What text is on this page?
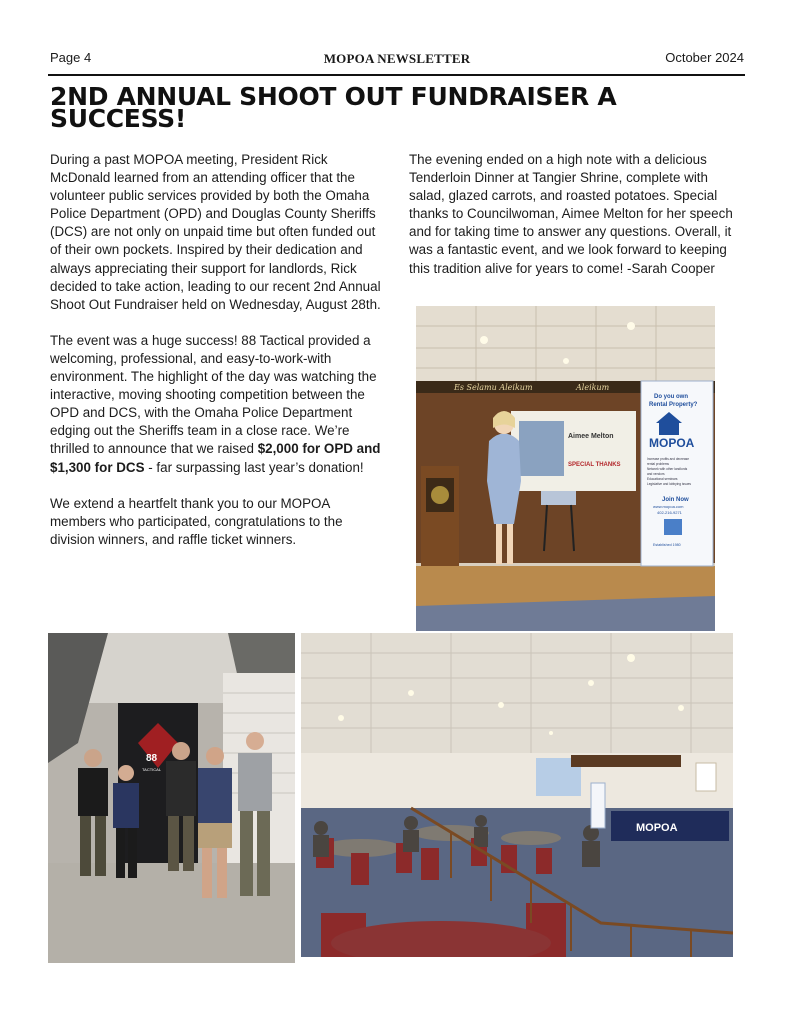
Page 4	MOPOA NEWSLETTER	October 2024
2ND ANNUAL SHOOT OUT FUNDRAISER A SUCCESS!

During a past MOPOA meeting, President Rick McDonald learned from an attending officer that the volunteer public services provided by both the Omaha Police Department (OPD) and Douglas County Sheriffs (DCS) are not only on unpaid time but often funded out of their own pockets. Inspired by their dedication and always appreciating their support for landlords, Rick decided to take action, leading to our recent 2nd Annual Shoot Out Fundraiser held on Wednesday, August 28th.

The event was a huge success! 88 Tactical provided a welcoming, professional, and easy-to-work-with environment. The highlight of the day was watching the interactive, moving shooting competition between the OPD and DCS, with the Omaha Police Department edging out the Sheriffs team in a close race. We’re thrilled to announce that we raised $2,000 for OPD and $1,300 for DCS - far surpassing last year’s donation!

We extend a heartfelt thank you to our MOPOA members who participated, congratulations to the division winners, and raffle ticket winners.

The evening ended on a high note with a delicious Tenderloin Dinner at Tangier Shrine, complete with salad, glazed carrots, and roasted potatoes. Special thanks to Councilwoman, Aimee Melton for her speech and for taking time to answer any questions. Overall, it was a fantastic event, and we look forward to keeping this tradition alive for years to come! -Sarah Cooper

Es Selamu Aleikum	Aleikum
Aimee Melton
SPECIAL THANKS
Do you own
Rental Property?
MOPOA
Increase profits and decrease
rental problems
Network with other landlords
and vendors
Educational seminars
Legislative and lobbying issues
Join Now
www.mopoa.com
402-216-9271
Established 1980
88
TACTICAL
MOPOA
